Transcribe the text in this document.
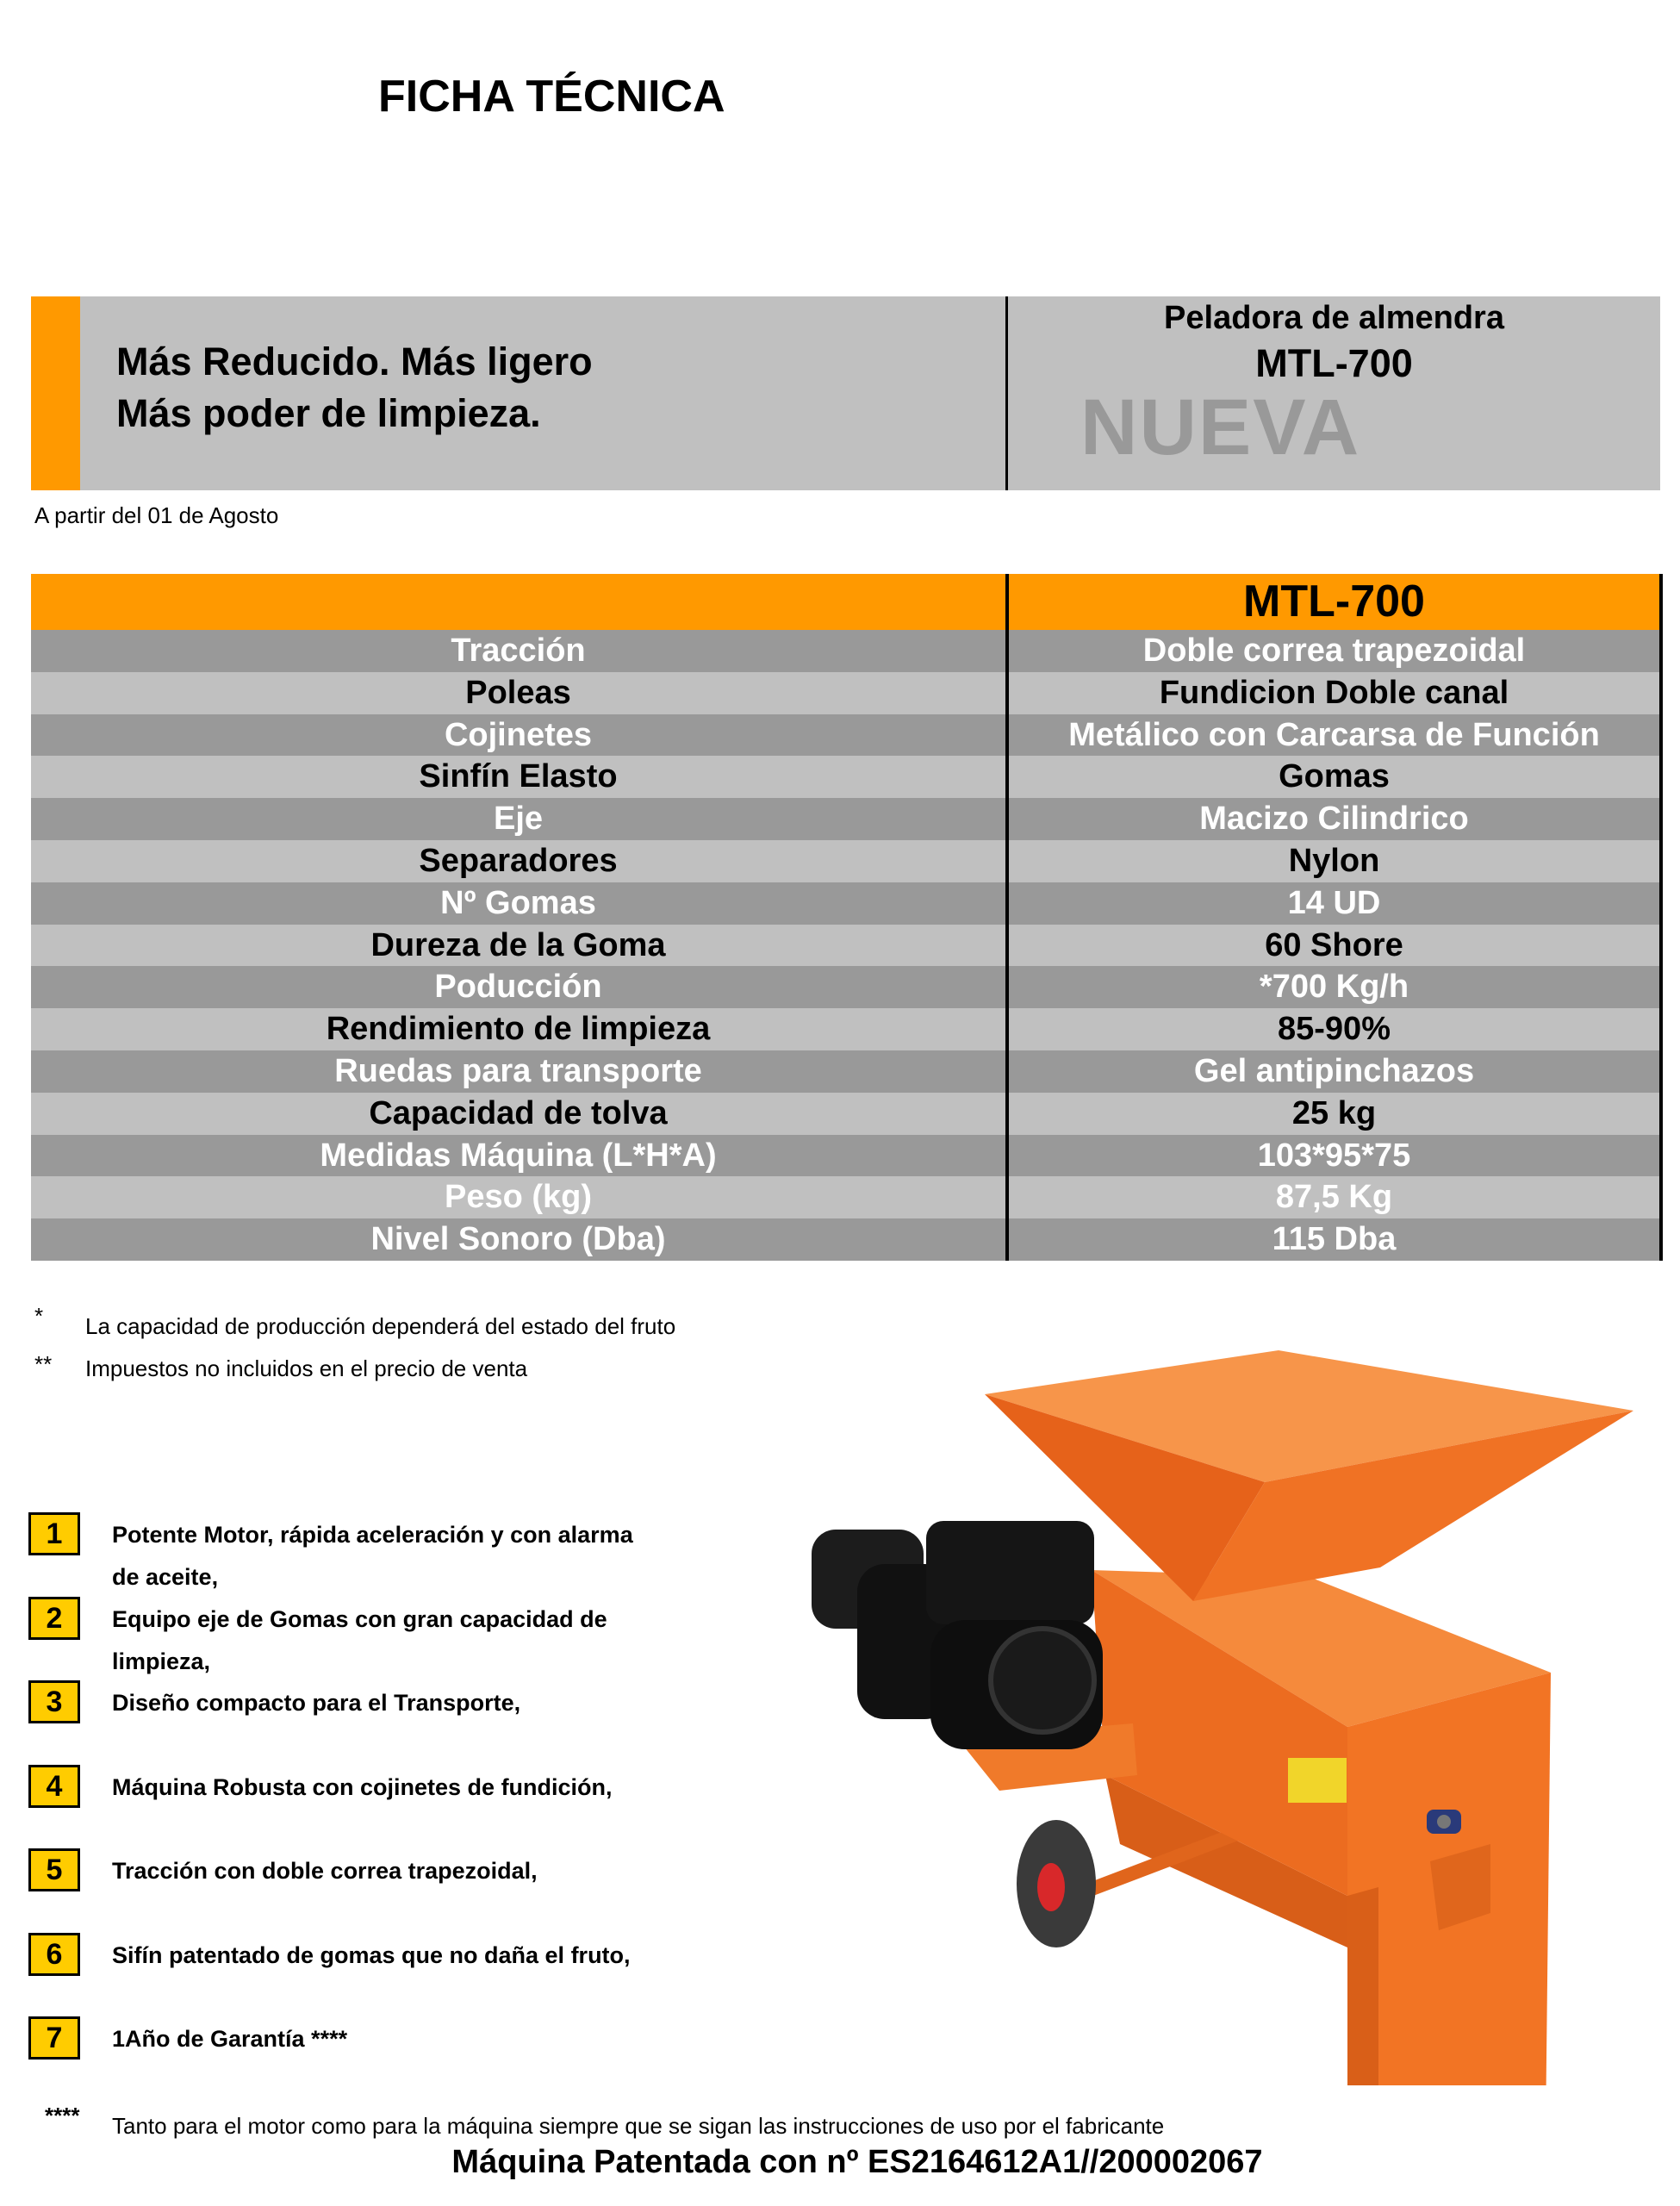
FICHA TÉCNICA
Más Reducido. Más ligero
Más poder de limpieza.
Peladora de almendra
MTL-700
NUEVA
A partir del 01 de Agosto
	MTL-700
Tracción	Doble correa trapezoidal
Poleas	Fundicion Doble canal
Cojinetes	Metálico con Carcarsa de Función
Sinfín Elasto	Gomas
Eje	Macizo Cilindrico
Separadores	Nylon
Nº Gomas	14 UD
Dureza de la Goma	60 Shore
Poducción	*700 Kg/h
Rendimiento de limpieza	85-90%
Ruedas para transporte	Gel antipinchazos
Capacidad de tolva	25 kg
Medidas Máquina (L*H*A)	103*95*75
Peso (kg)	87,5 Kg
Nivel Sonoro (Dba)	115 Dba
* La capacidad de producción dependerá del estado del fruto
** Impuestos no incluidos en el precio de venta
1	Potente Motor, rápida aceleración y con alarma
de aceite,
2	Equipo eje de Gomas con gran capacidad de
limpieza,
3	Diseño compacto para el Transporte,
4	Máquina Robusta con cojinetes de fundición,
5	Tracción con doble correa trapezoidal,
6	Sifín patentado de gomas que no daña el fruto,
7	1Año de Garantía ****
**** Tanto para el motor como para la máquina siempre que se sigan las instrucciones de uso por el fabricante
Máquina Patentada con nº ES2164612A1//200002067
